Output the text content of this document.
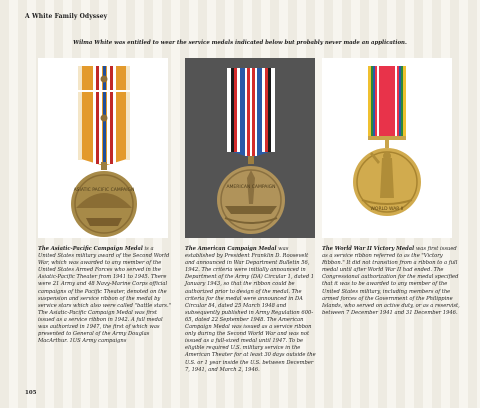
A White Family Odyssey
Wilma White was entitled to wear the service medals indicated below but probably never made an application.
ASIATIC PACIFIC CAMPAIGN
AMERICAN CAMPAIGN
WORLD WAR II
The Asiatic-Pacific Campaign Medal is a United States military award of the Second World War, which was awarded to any member of the United States Armed Forces who served in the Asiatic-Pacific Theater from 1941 to 1945. There were 21 Army and 48 Navy-Marine Corps official campaigns of the Pacific Theater, denoted on the suspension and service ribbon of the medal by service stars which also were called "battle stars." The Asiatic-Pacific Campaign Medal was first issued as a service ribbon in 1942. A full medal was authorized in 1947, the first of which was presented to General of the Army Douglas MacArthur. 1US Army campaigns
The American Campaign Medal was established by President Franklin D. Roosevelt and announced in War Department Bulletin 56, 1942. The criteria were initially announced in Department of the Army (DA) Circular 1, dated 1 January 1943, so that the ribbon could be authorized prior to design of the medal. The criteria for the medal were announced in DA Circular 84, dated 25 March 1948 and subsequently published in Army Regulation 600-65, dated 22 September 1948. The American Campaign Medal was issued as a service ribbon only during the Second World War and was not issued as a full-sized medal until 1947. To be eligible required U.S. military service in the American Theater for at least 30 days outside the U.S. or 1 year inside the U.S. between December 7, 1941, and March 2, 1946.
The World War II Victory Medal was first issued as a service ribbon referred to as the "Victory Ribbon." It did not transition from a ribbon to a full medal until after World War II had ended. The Congressional authorization for the medal specified that it was to be awarded to any member of the United States military, including members of the armed forces of the Government of the Philippine Islands, who served on active duty, or as a reservist, between 7 December 1941 and 31 December 1946.
105
